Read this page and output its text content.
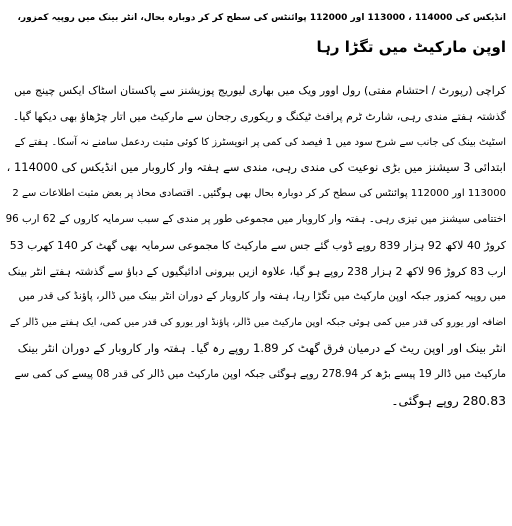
انڈیکس کی 114000 ، 113000 اور 112000 پوائنٹس کی سطح کر کر دوبارہ بحال، انٹر بینک میں روپیہ کمزور،
اوپن مارکیٹ میں تگڑا رہا
کراچی (رپورٹ / احتشام مفتی) رول اوور ویک میں بھاری لیوریج پوزیشنز سے پاکستان اسٹاک ایکس چینج میں
گذشتہ ہفتے مندی رہی، شارٹ ٹرم پرافٹ ٹیکنگ و ریکوری رجحان سے مارکیٹ میں اتار چڑھاؤ بھی دیکھا گیا۔
اسٹیٹ بینک کی جانب سے شرح سود میں 1 فیصد کی کمی پر انویسٹرز کا کوئی مثبت ردعمل سامنے نہ آسکا۔ ہفتے کے
ابتدائی 3 سیشنز میں بڑی نوعیت کی مندی رہی، مندی سے ہفتہ وار کاروبار میں انڈیکس کی 114000 ،
113000 اور 112000 پوائنٹس کی سطح کر کر دوبارہ بحال بھی ہوگئیں۔ اقتصادی محاذ پر بعض مثبت اطلاعات سے 2
اختتامی سیشنز میں تیزی رہی۔ ہفتہ وار کاروبار میں مجموعی طور پر مندی کے سبب سرمایہ کاروں کے 62 ارب 96
کروڑ 40 لاکھ 92 ہزار 839 روپے ڈوب گئے جس سے مارکیٹ کا مجموعی سرمایہ بھی گھٹ کر 140 کھرب 53
ارب 83 کروڑ 96 لاکھ 2 ہزار 238 روپے ہو گیا، علاوہ ازیں بیرونی ادائیگیوں کے دباؤ سے گذشتہ ہفتے انٹر بینک
میں روپیہ کمزور جبکہ اوپن مارکیٹ میں تگڑا رہا، ہفتہ وار کاروبار کے دوران انٹر بینک میں ڈالر، پاؤنڈ کی قدر میں
اضافہ اور یورو کی قدر میں کمی ہوئی جبکہ اوپن مارکیٹ میں ڈالر، پاؤنڈ اور یورو کی قدر میں کمی، ایک ہفتے میں ڈالر کے
انٹر بینک اور اوپن ریٹ کے درمیان فرق گھٹ کر 1.89 روپے رہ گیا۔ ہفتہ وار کاروبار کے دوران انٹر بینک
مارکیٹ میں ڈالر 19 پیسے بڑھ کر 278.94 روپے ہوگئی جبکہ اوپن مارکیٹ میں ڈالر کی قدر 08 پیسے کی کمی سے
280.83 روپے ہوگئی۔
